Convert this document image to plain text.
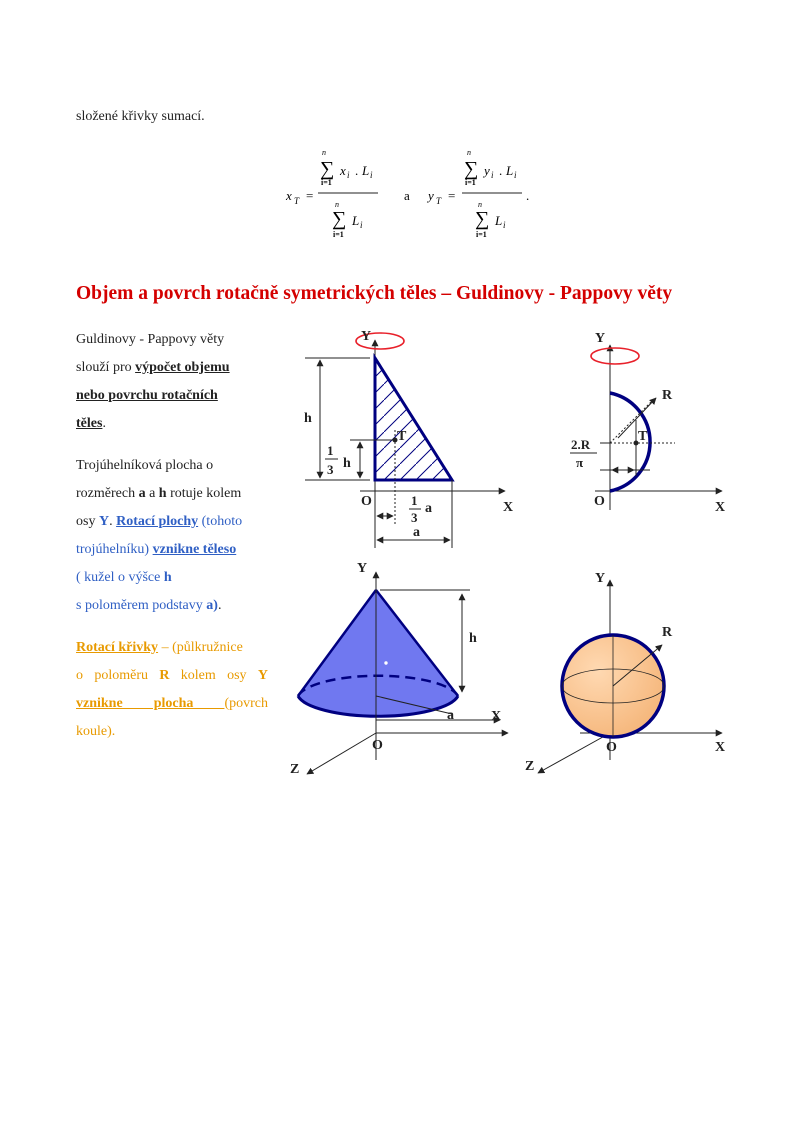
složené křivky sumací.
x T =
n
∑
i=1
x i . L i
n
∑
i=1
L i
a y T =
n
∑
i=1
y i . L i
n
∑
i=1
L i
.
Objem a povrch rotačně symetrických těles – Guldinovy - Pappovy věty
Guldinovy - Pappovy věty
slouží pro výpočet objemu
nebo povrchu rotačních
těles.
Trojúhelníková plocha o
rozměrech a a h rotuje kolem
osy Y. Rotací plochy (tohoto
trojúhelníku) vznikne těleso
( kužel o výšce h
s poloměrem podstavy a).
Rotací křivky – (půlkružnice
o poloměru R kolem osy Y
vznikne plocha (povrch
koule).
Y
X
O
h
T
1
3 h
1
3
a
a
Y
X
O
R
T
2.R
π
Y
X
O
Z
h
a
Y
X
O
Z
R
